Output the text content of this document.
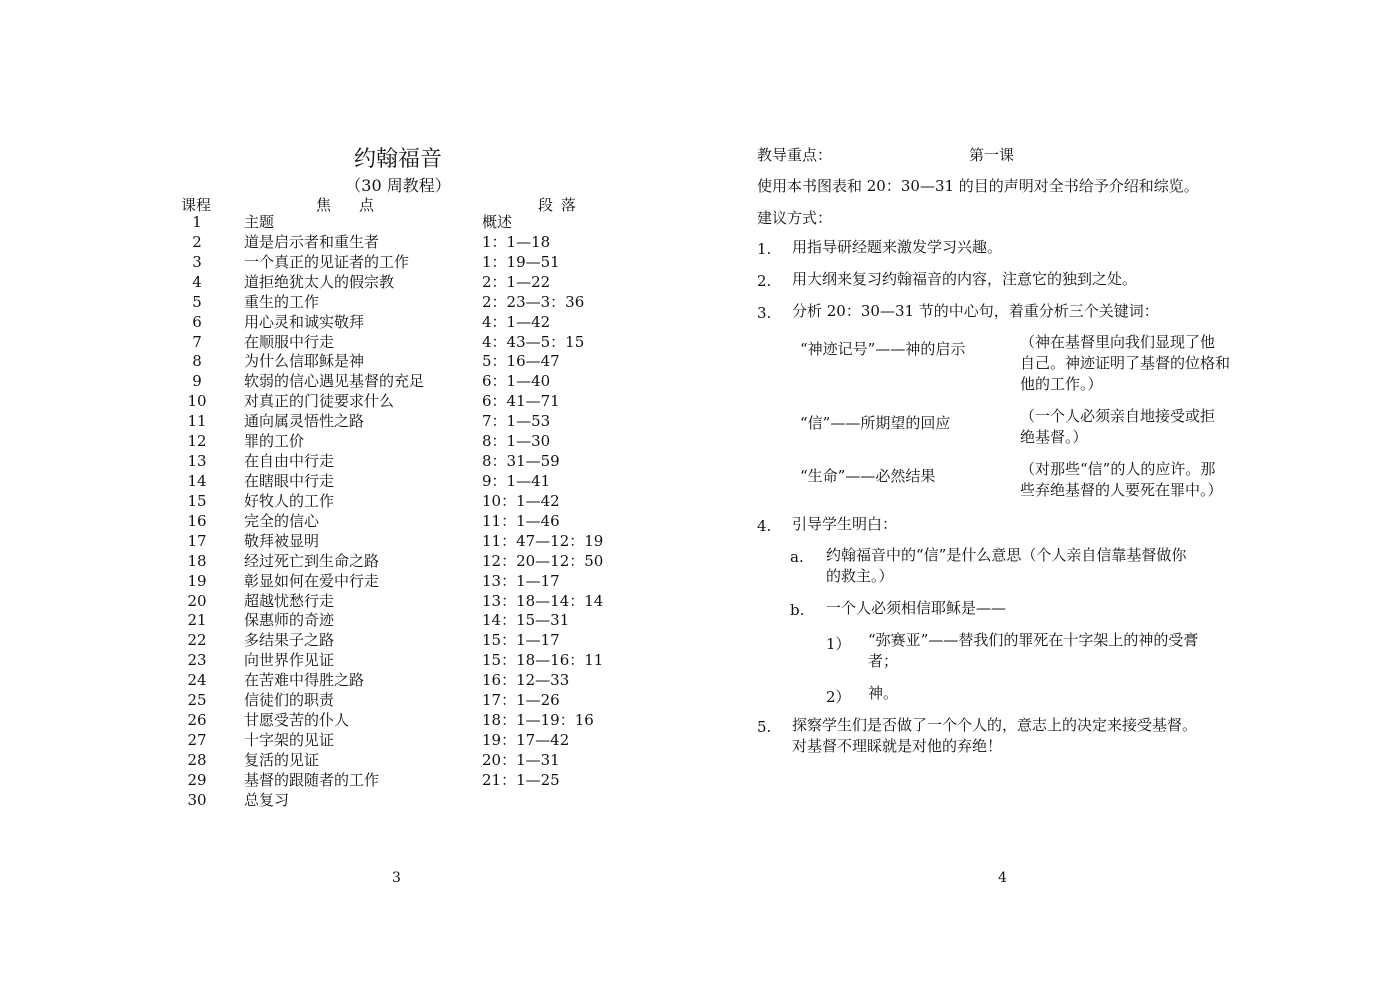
约翰福音
（30 周教程）
课程	焦点	段落
1	主题	概述
2	道是启示者和重生者	1：1—18
3	一个真正的见证者的工作	1：19—51
4	道拒绝犹太人的假宗教	2：1—22
5	重生的工作	2：23—3：36
6	用心灵和诚实敬拜	4：1—42
7	在顺服中行走	4：43—5：15
8	为什么信耶稣是神	5：16—47
9	软弱的信心遇见基督的充足	6：1—40
10	对真正的门徒要求什么	6：41—71
11	通向属灵悟性之路	7：1—53
12	罪的工价	8：1—30
13	在自由中行走	8：31—59
14	在瞎眼中行走	9：1—41
15	好牧人的工作	10：1—42
16	完全的信心	11：1—46
17	敬拜被显明	11：47—12：19
18	经过死亡到生命之路	12：20—12：50
19	彰显如何在爱中行走	13：1—17
20	超越忧愁行走	13：18—14：14
21	保惠师的奇迹	14：15—31
22	多结果子之路	15：1—17
23	向世界作见证	15：18—16：11
24	在苦难中得胜之路	16：12—33
25	信徒们的职责	17：1—26
26	甘愿受苦的仆人	18：1—19：16
27	十字架的见证	19：17—42
28	复活的见证	20：1—31
29	基督的跟随者的工作	21：1—25
30	总复习
3
教导重点：	第一课
使用本书图表和 20：30—31 的目的声明对全书给予介绍和综览。
建议方式：
1. 用指导研经题来激发学习兴趣。
2. 用大纲来复习约翰福音的内容，注意它的独到之处。
3. 分析 20：30—31 节的中心句，着重分析三个关键词：
“神迹记号”——神的启示	（神在基督里向我们显现了他
自己。神迹证明了基督的位格和
他的工作。）
“信”——所期望的回应	（一个人必须亲自地接受或拒
绝基督。）
“生命”——必然结果	（对那些“信”的人的应许。那
些弃绝基督的人要死在罪中。）
4. 引导学生明白：
a. 约翰福音中的“信”是什么意思（个人亲自信靠基督做你
的救主。）
b. 一个人必须相信耶稣是——
1） “弥赛亚”——替我们的罪死在十字架上的神的受膏
者；
2） 神。
5. 探察学生们是否做了一个个人的，意志上的决定来接受基督。
对基督不理睬就是对他的弃绝！
4
